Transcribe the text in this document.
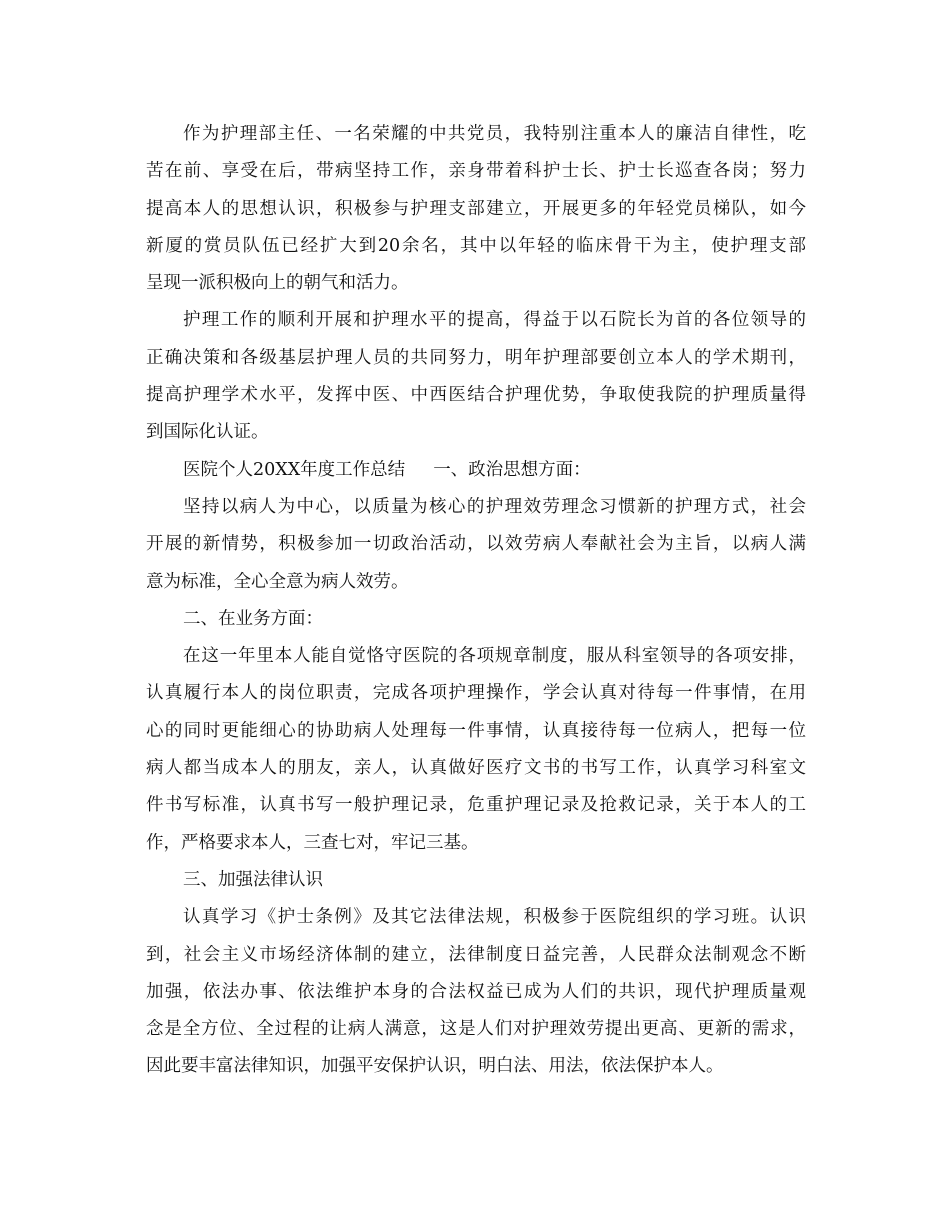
作为护理部主任、一名荣耀的中共党员，我特别注重本人的廉洁自律性，吃
苦在前、享受在后，带病坚持工作，亲身带着科护士长、护士长巡查各岗；努力
提高本人的思想认识，积极参与护理支部建立，开展更多的年轻党员梯队，如今
新厦的赏员队伍已经扩大到20余名，其中以年轻的临床骨干为主，使护理支部
呈现一派积极向上的朝气和活力。
护理工作的顺利开展和护理水平的提高，得益于以石院长为首的各位领导的
正确决策和各级基层护理人员的共同努力，明年护理部要创立本人的学术期刊，
提高护理学术水平，发挥中医、中西医结合护理优势，争取使我院的护理质量得
到国际化认证。
医院个人20XX年度工作总结 一、政治思想方面：
坚持以病人为中心，以质量为核心的护理效劳理念习惯新的护理方式，社会
开展的新情势，积极参加一切政治活动，以效劳病人奉献社会为主旨，以病人满
意为标准，全心全意为病人效劳。
二、在业务方面：
在这一年里本人能自觉恪守医院的各项规章制度，服从科室领导的各项安排，
认真履行本人的岗位职责，完成各项护理操作，学会认真对待每一件事情，在用
心的同时更能细心的协助病人处理每一件事情，认真接待每一位病人，把每一位
病人都当成本人的朋友，亲人，认真做好医疗文书的书写工作，认真学习科室文
件书写标准，认真书写一般护理记录，危重护理记录及抢救记录，关于本人的工
作，严格要求本人，三查七对，牢记三基。
三、加强法律认识
认真学习《护士条例》及其它法律法规，积极参于医院组织的学习班。认识
到，社会主义市场经济体制的建立，法律制度日益完善，人民群众法制观念不断
加强，依法办事、依法维护本身的合法权益已成为人们的共识，现代护理质量观
念是全方位、全过程的让病人满意，这是人们对护理效劳提出更高、更新的需求，
因此要丰富法律知识，加强平安保护认识，明白法、用法，依法保护本人。
